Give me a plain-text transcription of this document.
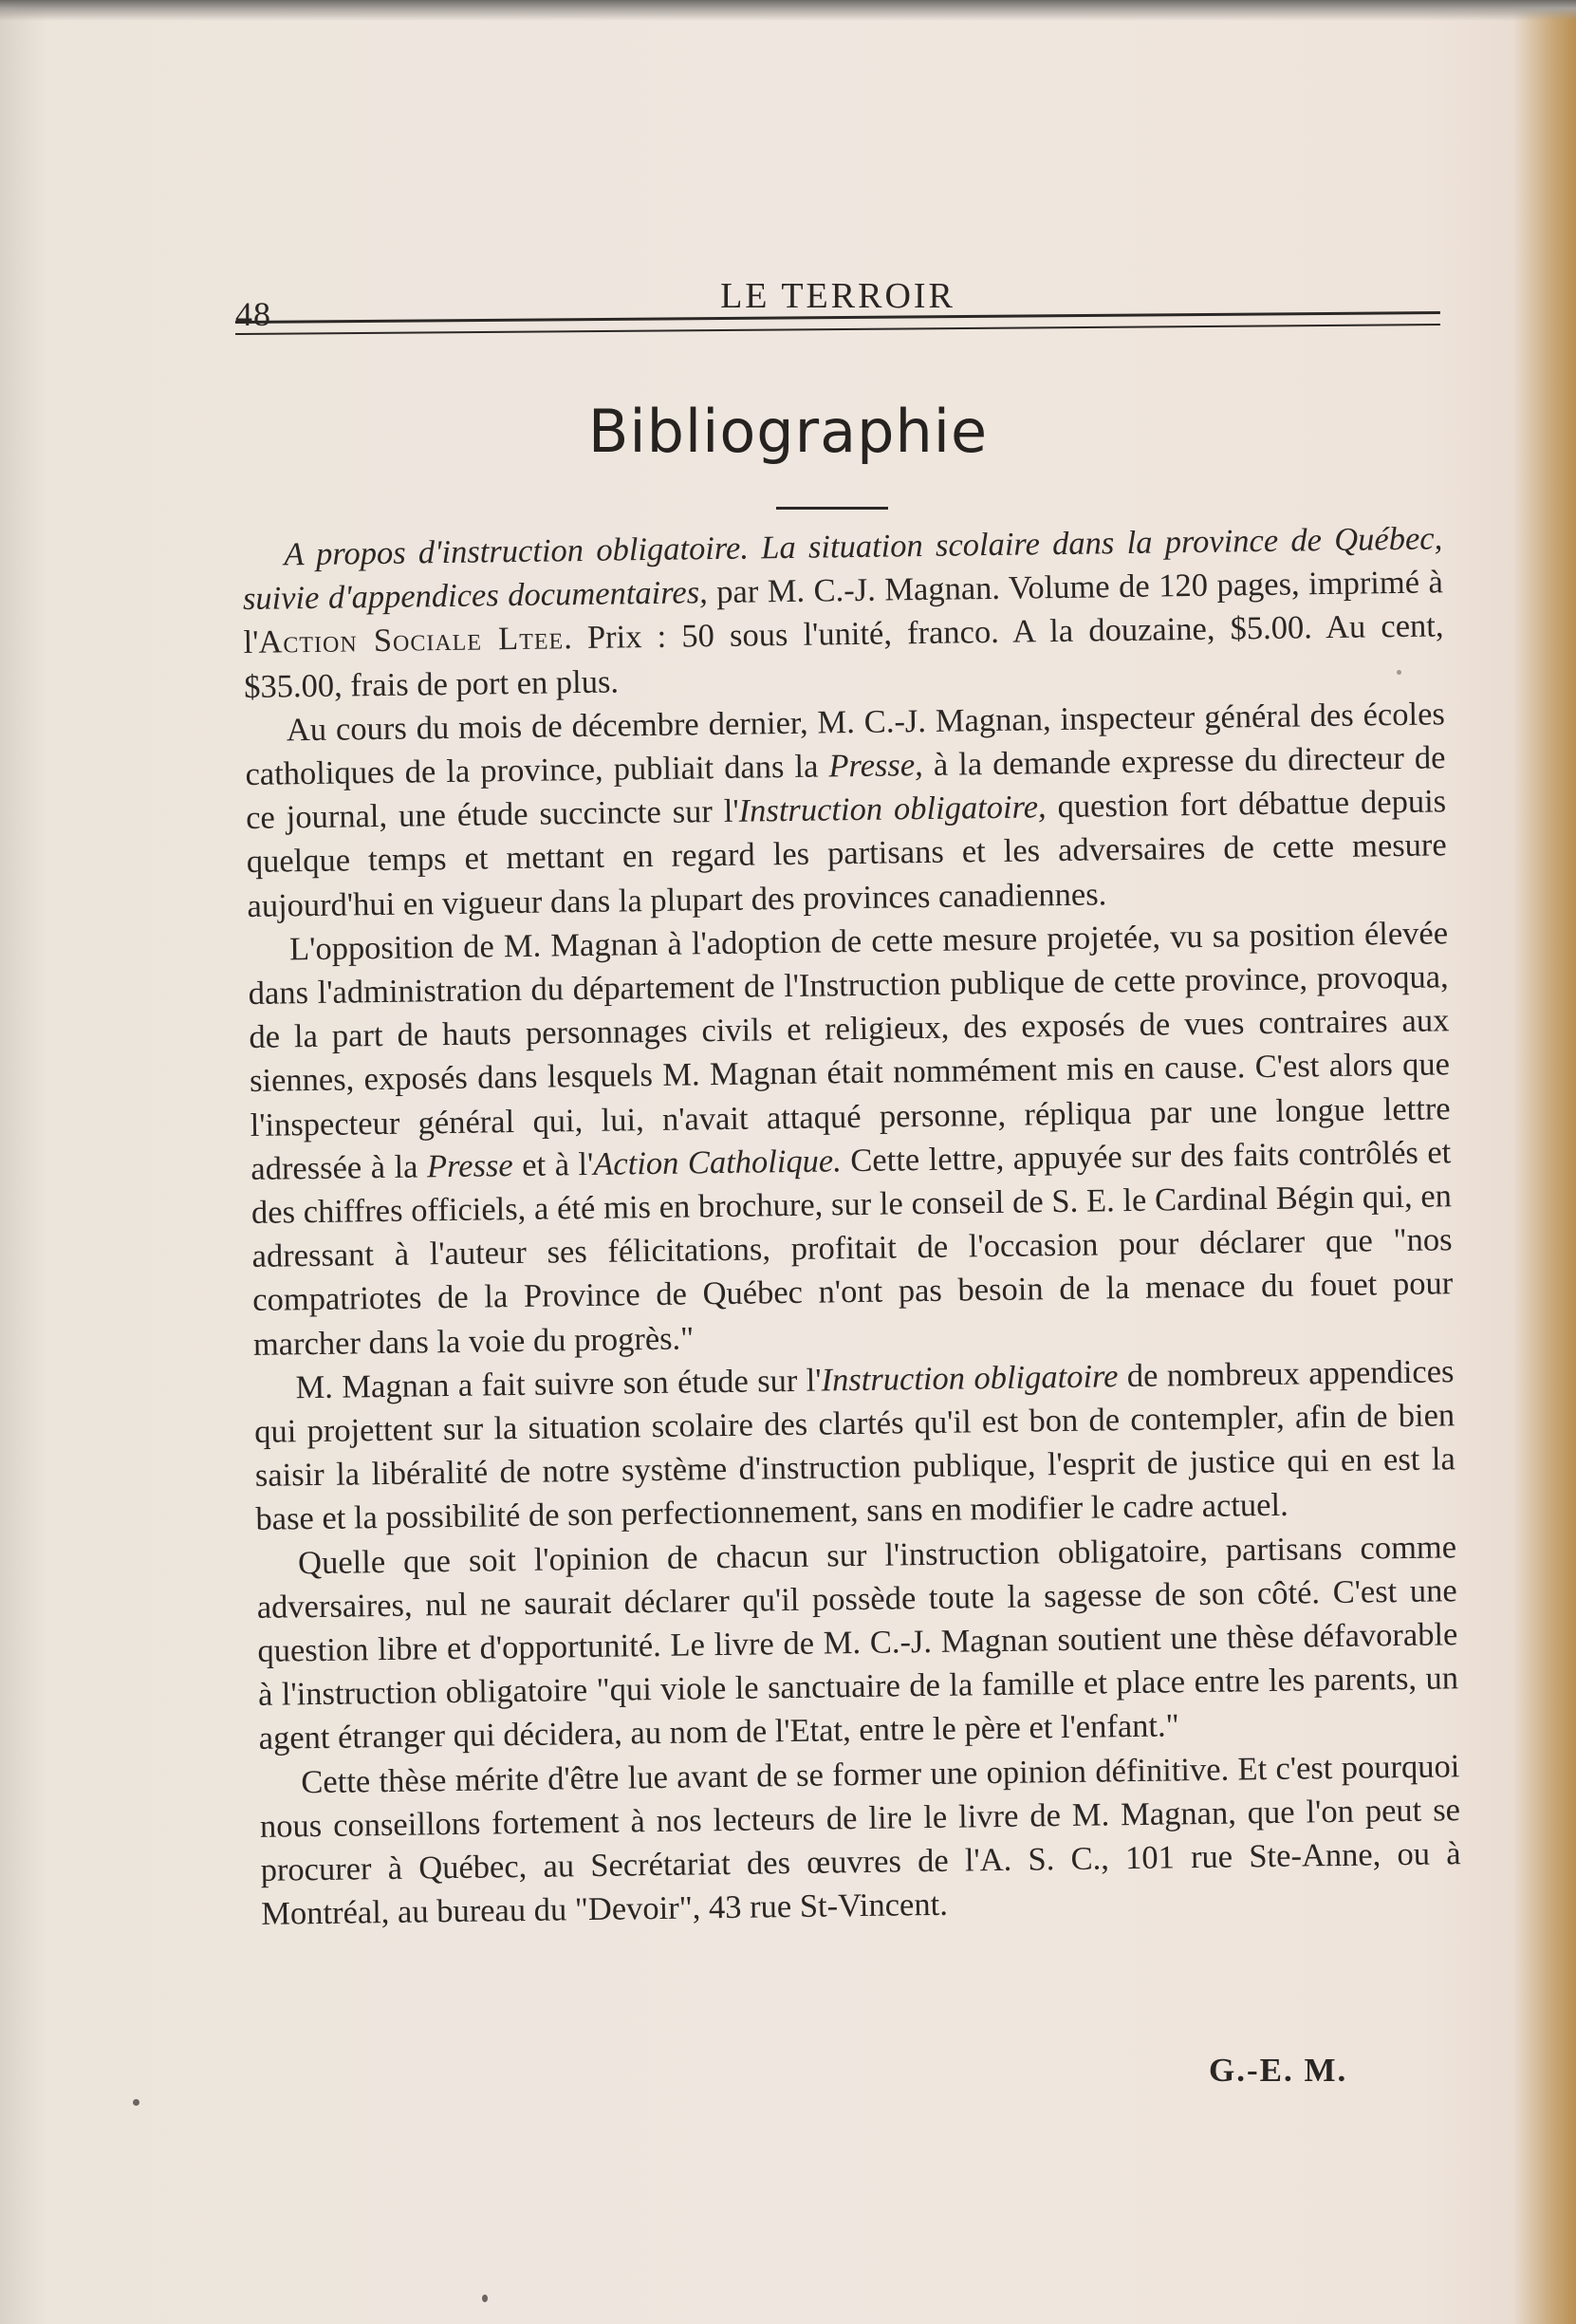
48	LE TERROIR
Bibliographie

A propos d'instruction obligatoire. La situation scolaire dans la province de Québec, suivie d'appendices documentaires, par M. C.-J. Magnan. Volume de 120 pages, imprimé à l'Action Sociale Ltee. Prix : 50 sous l'unité, franco. A la douzaine, $5.00. Au cent, $35.00, frais de port en plus.

Au cours du mois de décembre dernier, M. C.-J. Magnan, inspecteur général des écoles catholiques de la province, publiait dans la Presse, à la demande expresse du directeur de ce journal, une étude succincte sur l'Instruction obligatoire, question fort débattue depuis quelque temps et mettant en regard les partisans et les adversaires de cette mesure aujourd'hui en vigueur dans la plupart des provinces canadiennes.

L'opposition de M. Magnan à l'adoption de cette mesure projetée, vu sa position élevée dans l'administration du département de l'Instruction publique de cette province, provoqua, de la part de hauts personnages civils et religieux, des exposés de vues contraires aux siennes, exposés dans lesquels M. Magnan était nommément mis en cause. C'est alors que l'inspecteur général qui, lui, n'avait attaqué personne, répliqua par une longue lettre adressée à la Presse et à l'Action Catholique. Cette lettre, appuyée sur des faits contrôlés et des chiffres officiels, a été mis en brochure, sur le conseil de S. E. le Cardinal Bégin qui, en adressant à l'auteur ses félicitations, profitait de l'occasion pour déclarer que "nos compatriotes de la Province de Québec n'ont pas besoin de la menace du fouet pour marcher dans la voie du progrès."

M. Magnan a fait suivre son étude sur l'Instruction obligatoire de nombreux appendices qui projettent sur la situation scolaire des clartés qu'il est bon de contempler, afin de bien saisir la libéralité de notre système d'instruction publique, l'esprit de justice qui en est la base et la possibilité de son perfectionnement, sans en modifier le cadre actuel.

Quelle que soit l'opinion de chacun sur l'instruction obligatoire, partisans comme adversaires, nul ne saurait déclarer qu'il possède toute la sagesse de son côté. C'est une question libre et d'opportunité. Le livre de M. C.-J. Magnan soutient une thèse défavorable à l'instruction obligatoire "qui viole le sanctuaire de la famille et place entre les parents, un agent étranger qui décidera, au nom de l'Etat, entre le père et l'enfant."

Cette thèse mérite d'être lue avant de se former une opinion définitive. Et c'est pourquoi nous conseillons fortement à nos lecteurs de lire le livre de M. Magnan, que l'on peut se procurer à Québec, au Secrétariat des œuvres de l'A. S. C., 101 rue Ste-Anne, ou à Montréal, au bureau du "Devoir", 43 rue St-Vincent.

G.-E. M.
